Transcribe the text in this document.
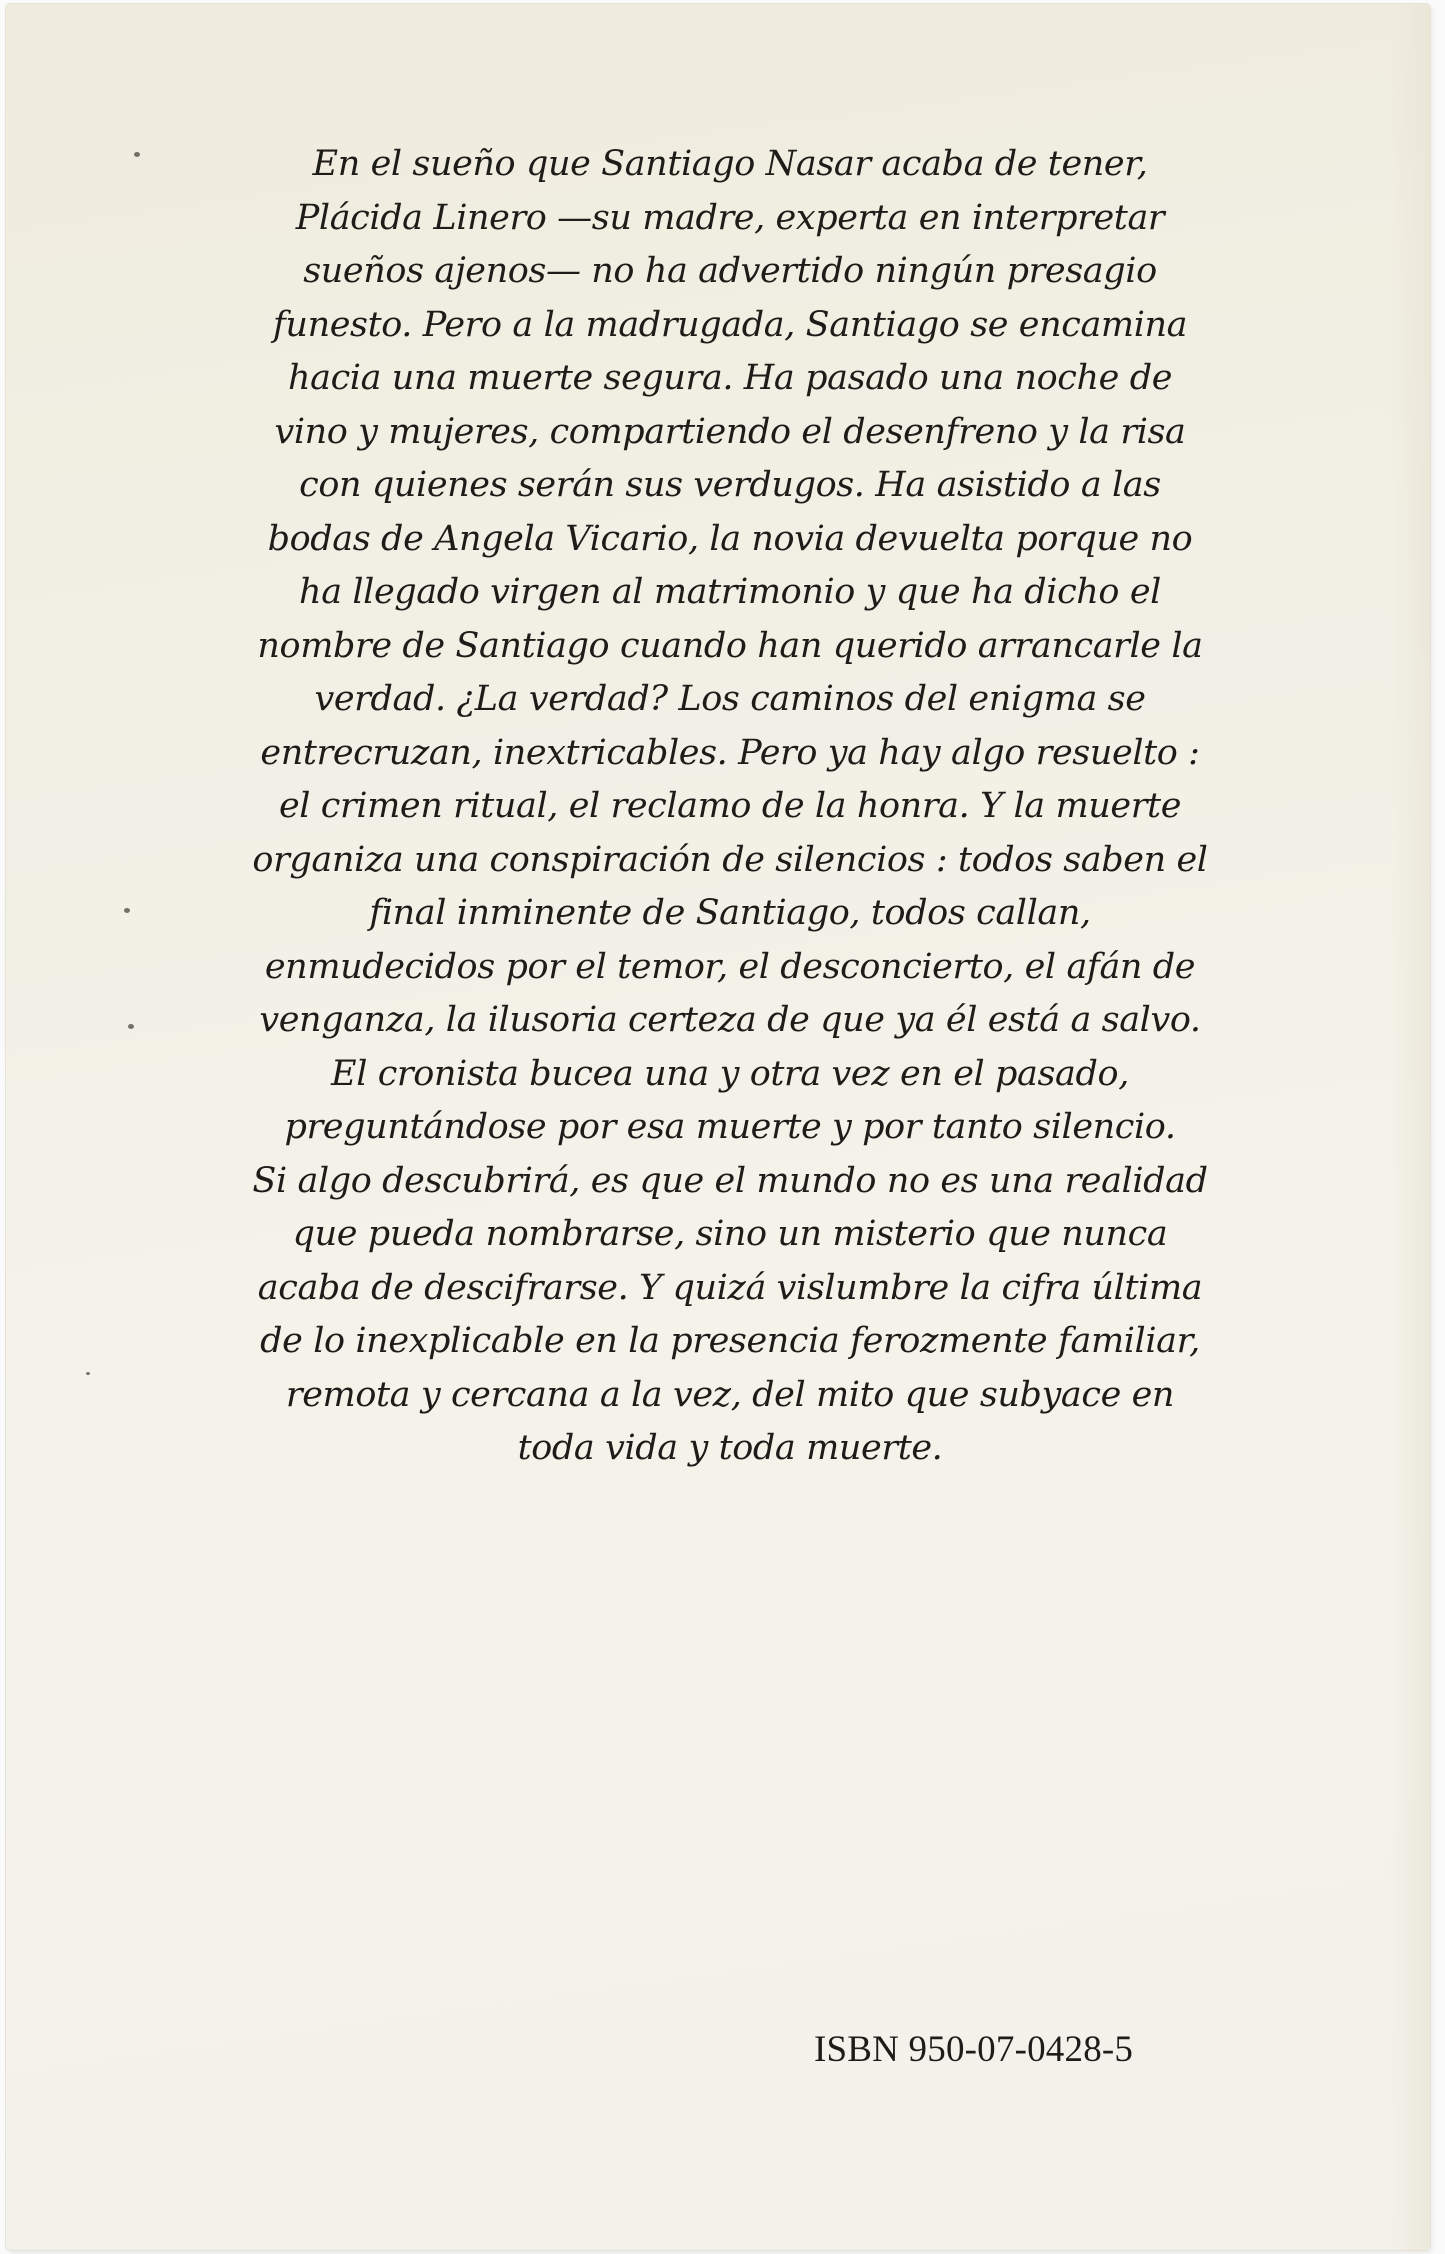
En el sueño que Santiago Nasar acaba de tener,
Plácida Linero —su madre, experta en interpretar
sueños ajenos— no ha advertido ningún presagio
funesto. Pero a la madrugada, Santiago se encamina
hacia una muerte segura. Ha pasado una noche de
vino y mujeres, compartiendo el desenfreno y la risa
con quienes serán sus verdugos. Ha asistido a las
bodas de Angela Vicario, la novia devuelta porque no
ha llegado virgen al matrimonio y que ha dicho el
nombre de Santiago cuando han querido arrancarle la
verdad. ¿La verdad? Los caminos del enigma se
entrecruzan, inextricables. Pero ya hay algo resuelto :
el crimen ritual, el reclamo de la honra. Y la muerte
organiza una conspiración de silencios : todos saben el
final inminente de Santiago, todos callan,
enmudecidos por el temor, el desconcierto, el afán de
venganza, la ilusoria certeza de que ya él está a salvo.
El cronista bucea una y otra vez en el pasado,
preguntándose por esa muerte y por tanto silencio.
Si algo descubrirá, es que el mundo no es una realidad
que pueda nombrarse, sino un misterio que nunca
acaba de descifrarse. Y quizá vislumbre la cifra última
de lo inexplicable en la presencia ferozmente familiar,
remota y cercana a la vez, del mito que subyace en
toda vida y toda muerte.
ISBN 950-07-0428-5
